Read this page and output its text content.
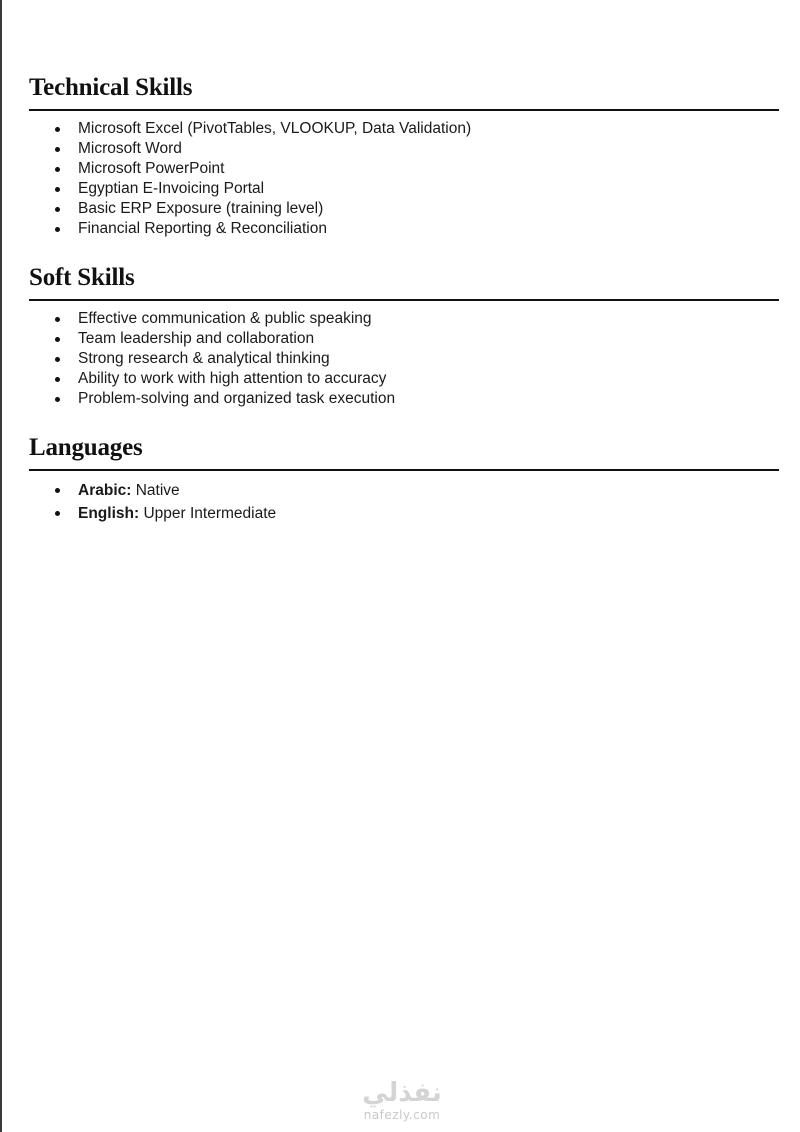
Technical Skills
Microsoft Excel (PivotTables, VLOOKUP, Data Validation)
Microsoft Word
Microsoft PowerPoint
Egyptian E-Invoicing Portal
Basic ERP Exposure (training level)
Financial Reporting & Reconciliation
Soft Skills
Effective communication & public speaking
Team leadership and collaboration
Strong research & analytical thinking
Ability to work with high attention to accuracy
Problem-solving and organized task execution
Languages
Arabic: Native
English: Upper Intermediate
نفذلي
nafezly.com
